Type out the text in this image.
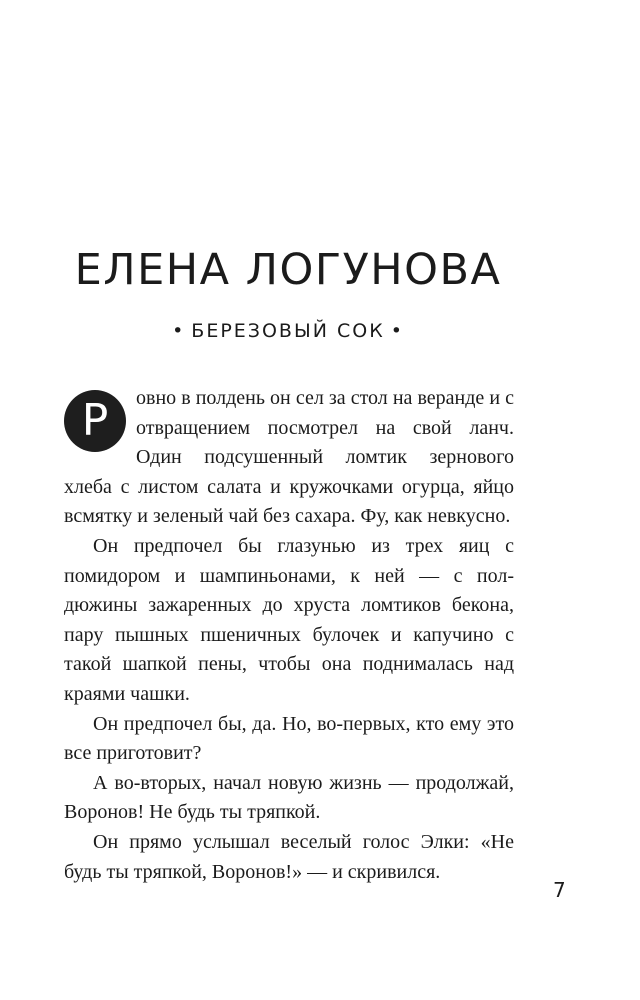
ЕЛЕНА ЛОГУНОВА
• БЕРЕЗОВЫЙ СОК •

Р	овно в полдень он сел за стол на веранде и с отвращением посмотрел на свой ланч. Один подсушенный ломтик зернового хлеба с листом салата и кружочками огурца, яйцо всмятку и зеленый чай без сахара. Фу, как невкусно.

Он предпочел бы глазунью из трех яиц с помидором и шампиньонами, к ней — с полдюжины зажаренных до хруста ломтиков бекона, пару пышных пшеничных булочек и капучино с такой шапкой пены, чтобы она поднималась над краями чашки.

Он предпочел бы, да. Но, во-первых, кто ему это все приготовит?

А во-вторых, начал новую жизнь — продолжай, Воронов! Не будь ты тряпкой.

Он прямо услышал веселый голос Элки: «Не будь ты тряпкой, Воронов!» — и скривился.

7
